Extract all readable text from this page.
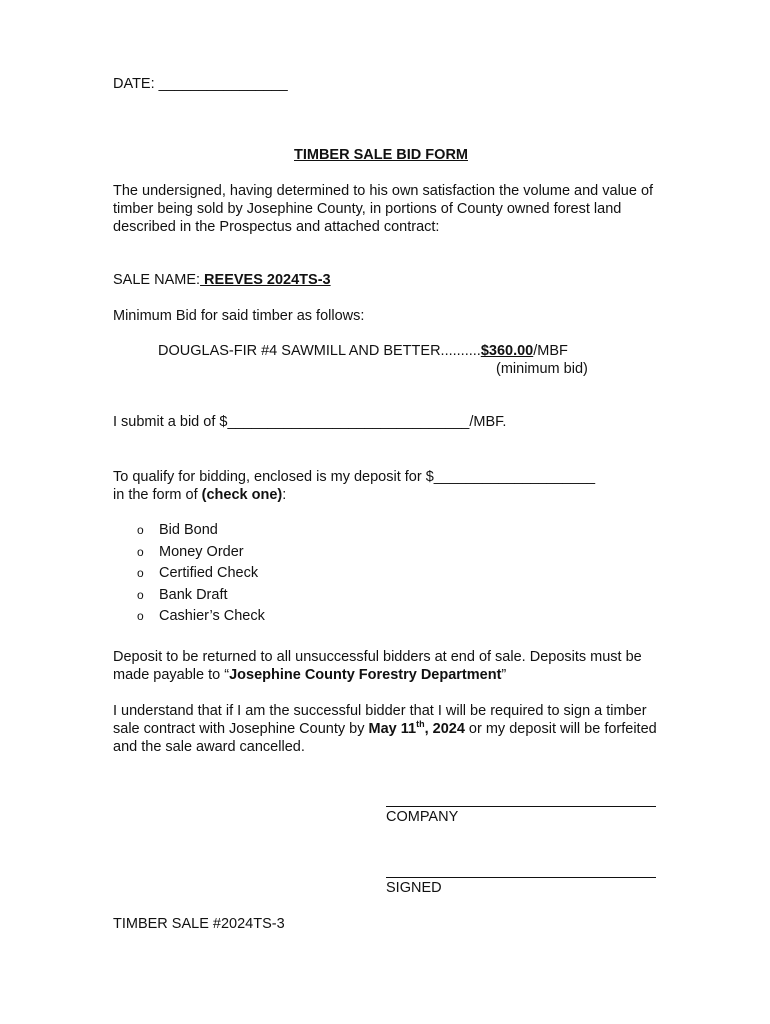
DATE: ________________
TIMBER SALE BID FORM

The undersigned, having determined to his own satisfaction the volume and value of timber being sold by Josephine County, in portions of County owned forest land described in the Prospectus and attached contract:

SALE NAME: REEVES 2024TS-3
Minimum Bid for said timber as follows:
DOUGLAS-FIR #4 SAWMILL AND BETTER..........$360.00/MBF
(minimum bid)
I submit a bid of $______________________________/MBF.
To qualify for bidding, enclosed is my deposit for $____________________
in the form of (check one):
o Bid Bond
o Money Order
o Certified Check
o Bank Draft
o Cashier’s Check

Deposit to be returned to all unsuccessful bidders at end of sale. Deposits must be made payable to “Josephine County Forestry Department”

I understand that if I am the successful bidder that I will be required to sign a timber sale contract with Josephine County by May 11th, 2024 or my deposit will be forfeited and the sale award cancelled.

COMPANY
SIGNED
TIMBER SALE #2024TS-3
